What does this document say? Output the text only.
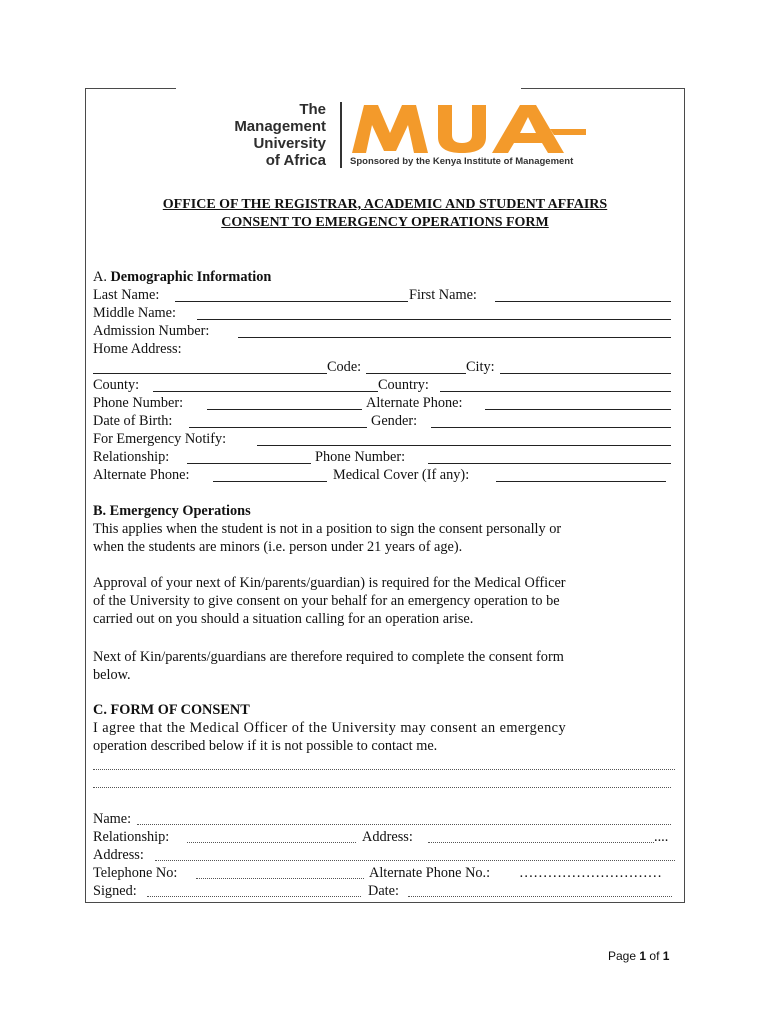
The
Management
University
of Africa	Sponsored by the Kenya Institute of Management
OFFICE OF THE REGISTRAR, ACADEMIC AND STUDENT AFFAIRS
CONSENT TO EMERGENCY OPERATIONS FORM
A. Demographic Information
Last Name:	First Name:
Middle Name:
Admission Number:
Home Address:
Code:	City:
County:	Country:
Phone Number:	Alternate Phone:
Date of Birth:	Gender:
For Emergency Notify:
Relationship:	Phone Number:
Alternate Phone:	Medical Cover (If any):
B. Emergency Operations
This applies when the student is not in a position to sign the consent personally or
when the students are minors (i.e. person under 21 years of age).
Approval of your next of Kin/parents/guardian) is required for the Medical Officer
of the University to give consent on your behalf for an emergency operation to be
carried out on you should a situation calling for an operation arise.
Next of Kin/parents/guardians are therefore required to complete the consent form
below.
C. FORM OF CONSENT
I agree that the Medical Officer of the University may consent an emergency
operation described below if it is not possible to contact me.
Name:
Relationship:	Address:	....
Address:
Telephone No:	Alternate Phone No.:	…………………………
Signed:	Date:
Page 1 of 1
